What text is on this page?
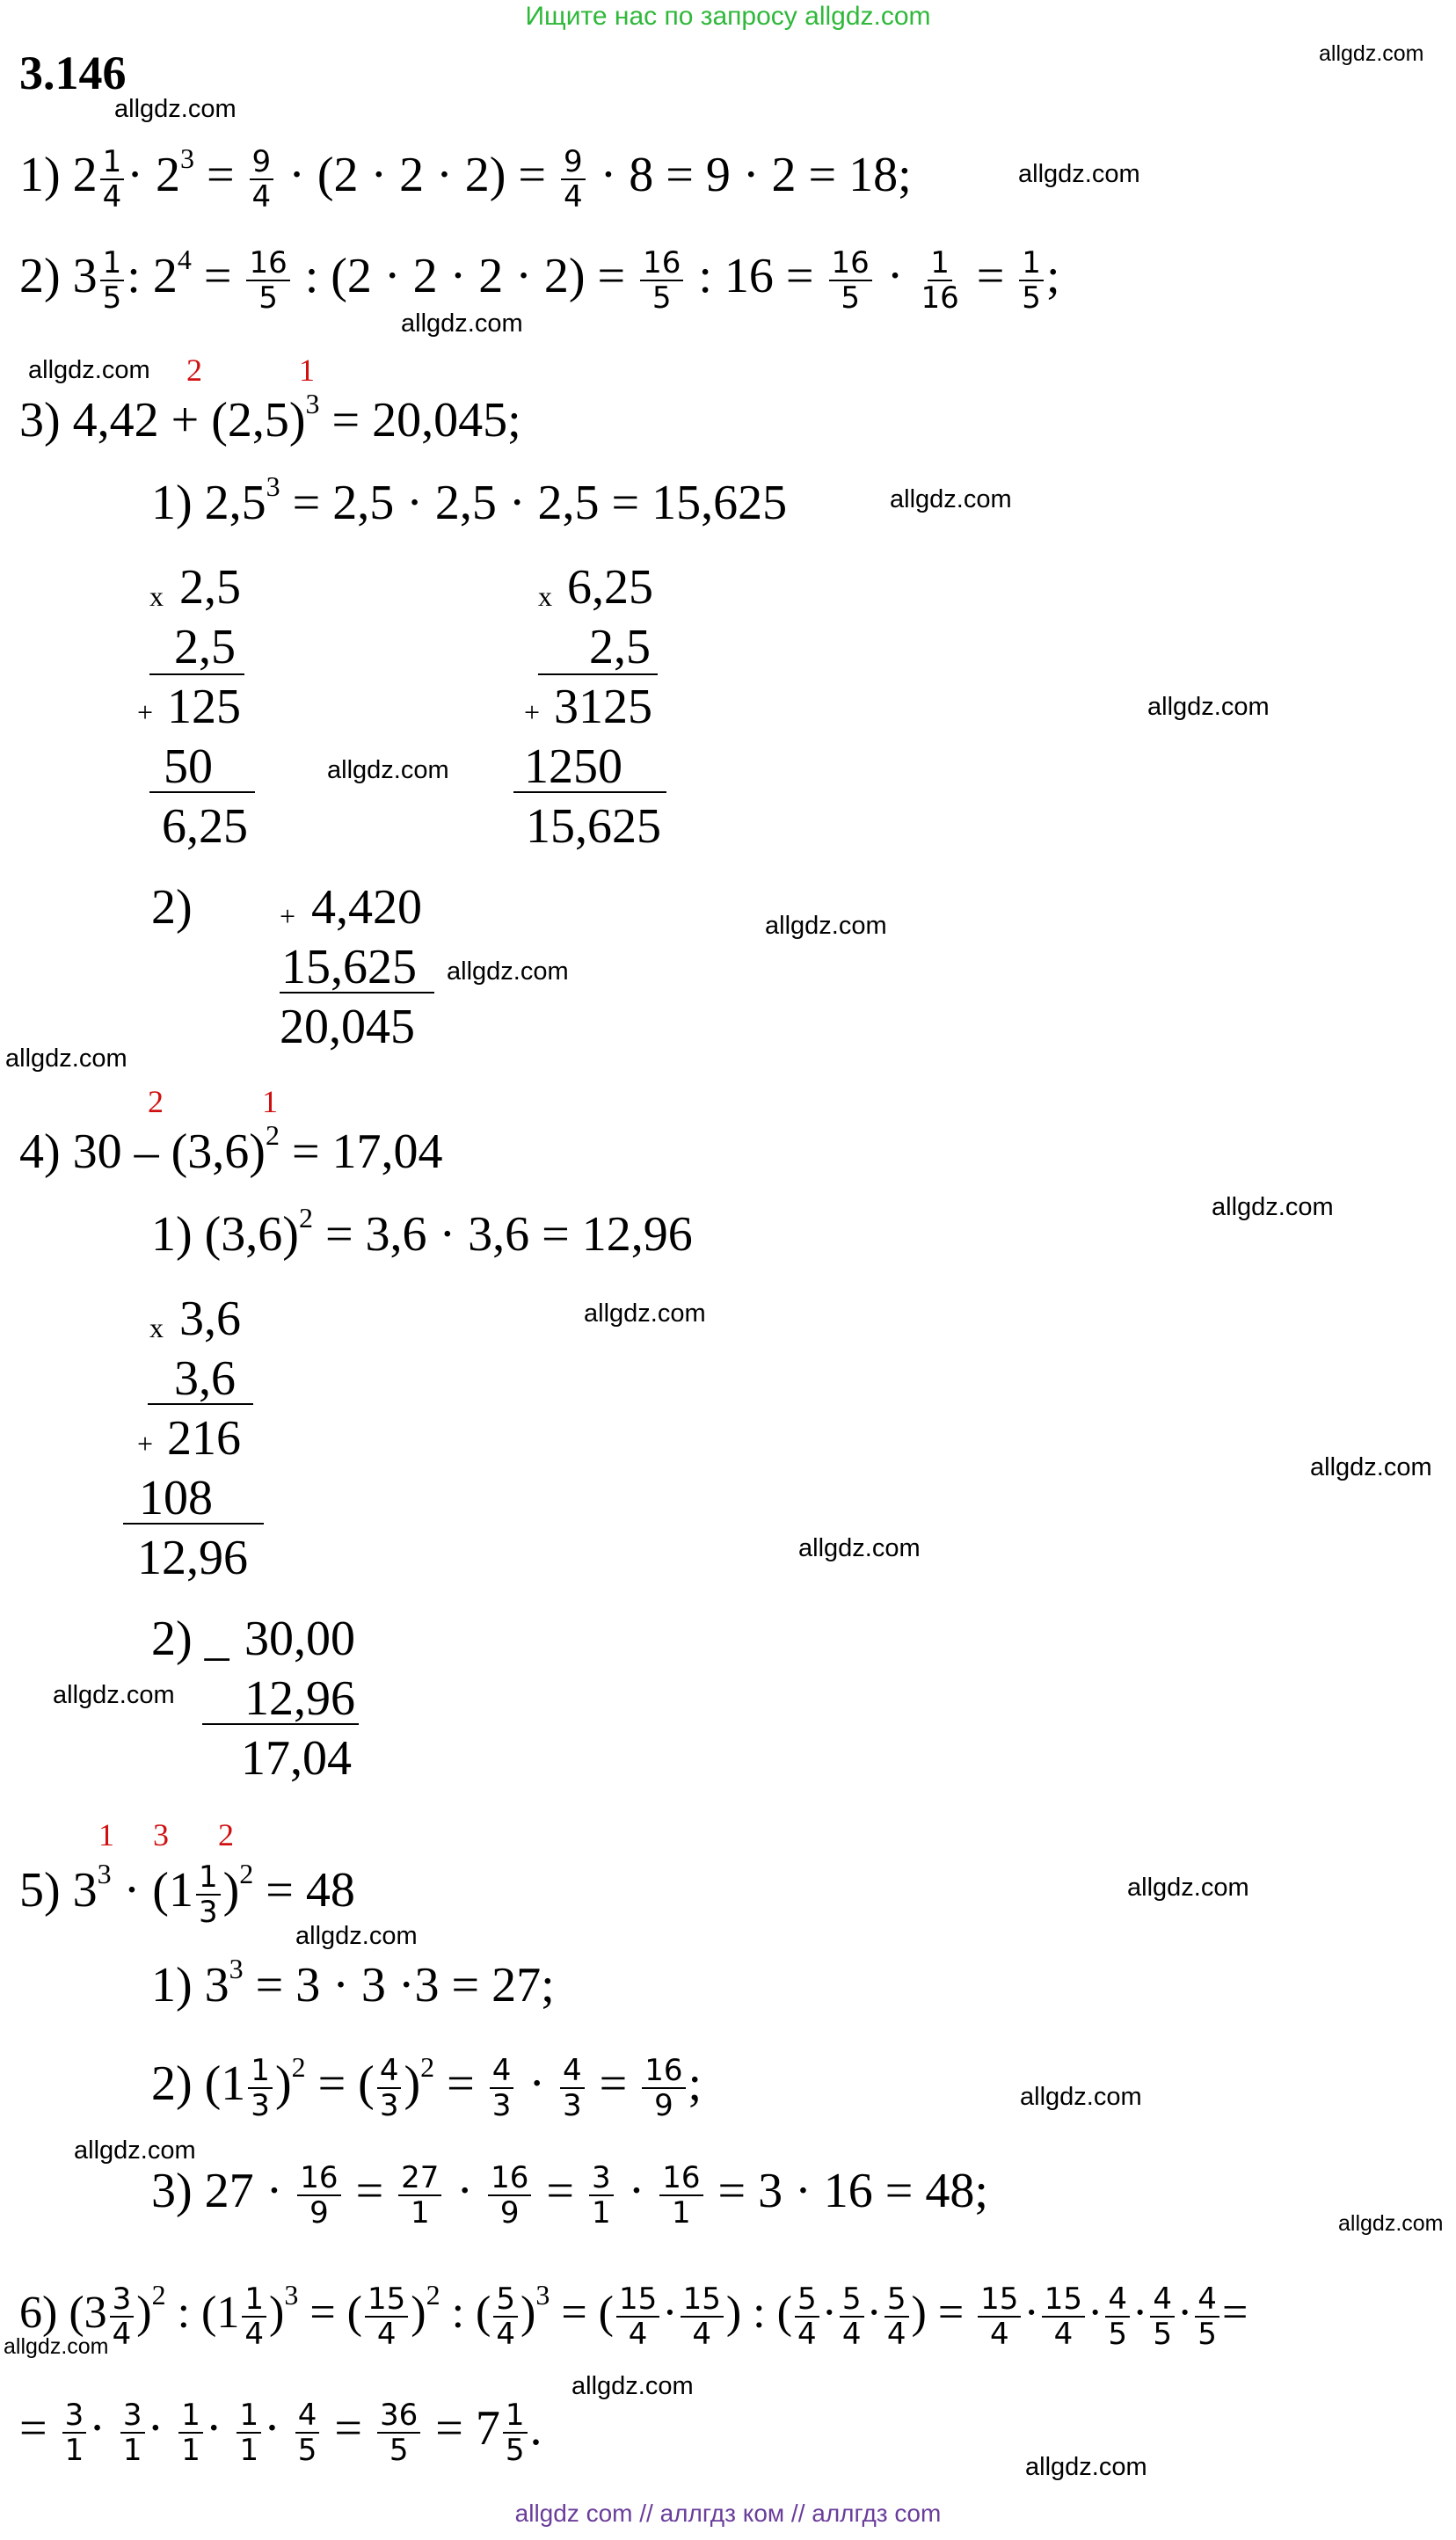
Ищите нас по запросу allgdz.com
allgdz com // аллгдз ком // аллгдз com
3.146	allgdz.com
allgdz.com
allgdz.com
allgdz.com
allgdz.com
allgdz.com
allgdz.com
allgdz.com
allgdz.com
allgdz.com
allgdz.com
allgdz.com
allgdz.com
allgdz.com
allgdz.com
allgdz.com
allgdz.com
allgdz.com
allgdz.com
allgdz.com
allgdz.com
allgdz.com
allgdz.com
allgdz.com
1) $2 \frac{1}{4} \cdot 2^3 = \frac{9}{4} \cdot (2 \cdot 2 \cdot 2) = \frac{9}{4} \cdot 8 = 9 \cdot 2 = 18$;
2) $3 \frac{1}{5}$ : $2^4 = \frac{16}{5}$ : $(2 \cdot 2 \cdot 2 \cdot 2) = \frac{16}{5}$ : $16 = \frac{16}{5} \cdot \frac{1}{16} = \frac{1}{5}$ ;
2	1
3) $4,42 + (2,5)^3 = 20,045$;
1) $2,5^3 = 2,5 \cdot 2,5 \cdot 2,5 = 15,625$
x 2,5
2,5
+ 125
50
6,25
x 6,25
2,5
+ 3125
1250
15,625
2)	+ 4,420
15,625
20,045
2	1
4) $30 - (3,6)^2 = 17,04$
1) $(3,6)^2 = 3,6 \cdot 3,6 = 12,96$
x 3,6
3,6
+ 216
108
12,96
2) _ 30,00
12,96
17,04
1 3 2
5) $3^3 \cdot (1 \frac{1}{3} )^2 = 48$
1) $3^3 = 3 \cdot 3 \cdot 3 = 27$;
2) $(1 \frac{1}{3} )^2$ = ( $\frac{4}{3} )^2 = \frac{4}{3} \cdot \frac{4}{3} = \frac{16}{9}$ ;
3) $27 \cdot \frac{16}{9} = \frac{27}{1} \cdot \frac{16}{9} = \frac{3}{1} \cdot \frac{16}{1} = 3 \cdot 16 = 48$;
6) $(3 \frac{3}{4} )^2$ : $(1 \frac{1}{4} )^3$ = ( $\frac{15}{4} )^2$ : ( $\frac{5}{4} )^3$ = ( $\frac{15}{4} \cdot \frac{15}{4}$ ) : ( $\frac{5}{4} \cdot \frac{5}{4} \cdot \frac{5}{4}$ ) = $\frac{15}{4} \cdot \frac{15}{4} \cdot \frac{4}{5} \cdot \frac{4}{5} \cdot \frac{4}{5}$ =
= $\frac{3}{1} \cdot \frac{3}{1} \cdot \frac{1}{1} \cdot \frac{1}{1} \cdot \frac{4}{5} = \frac{36}{5} = 7 \frac{1}{5}$ .
